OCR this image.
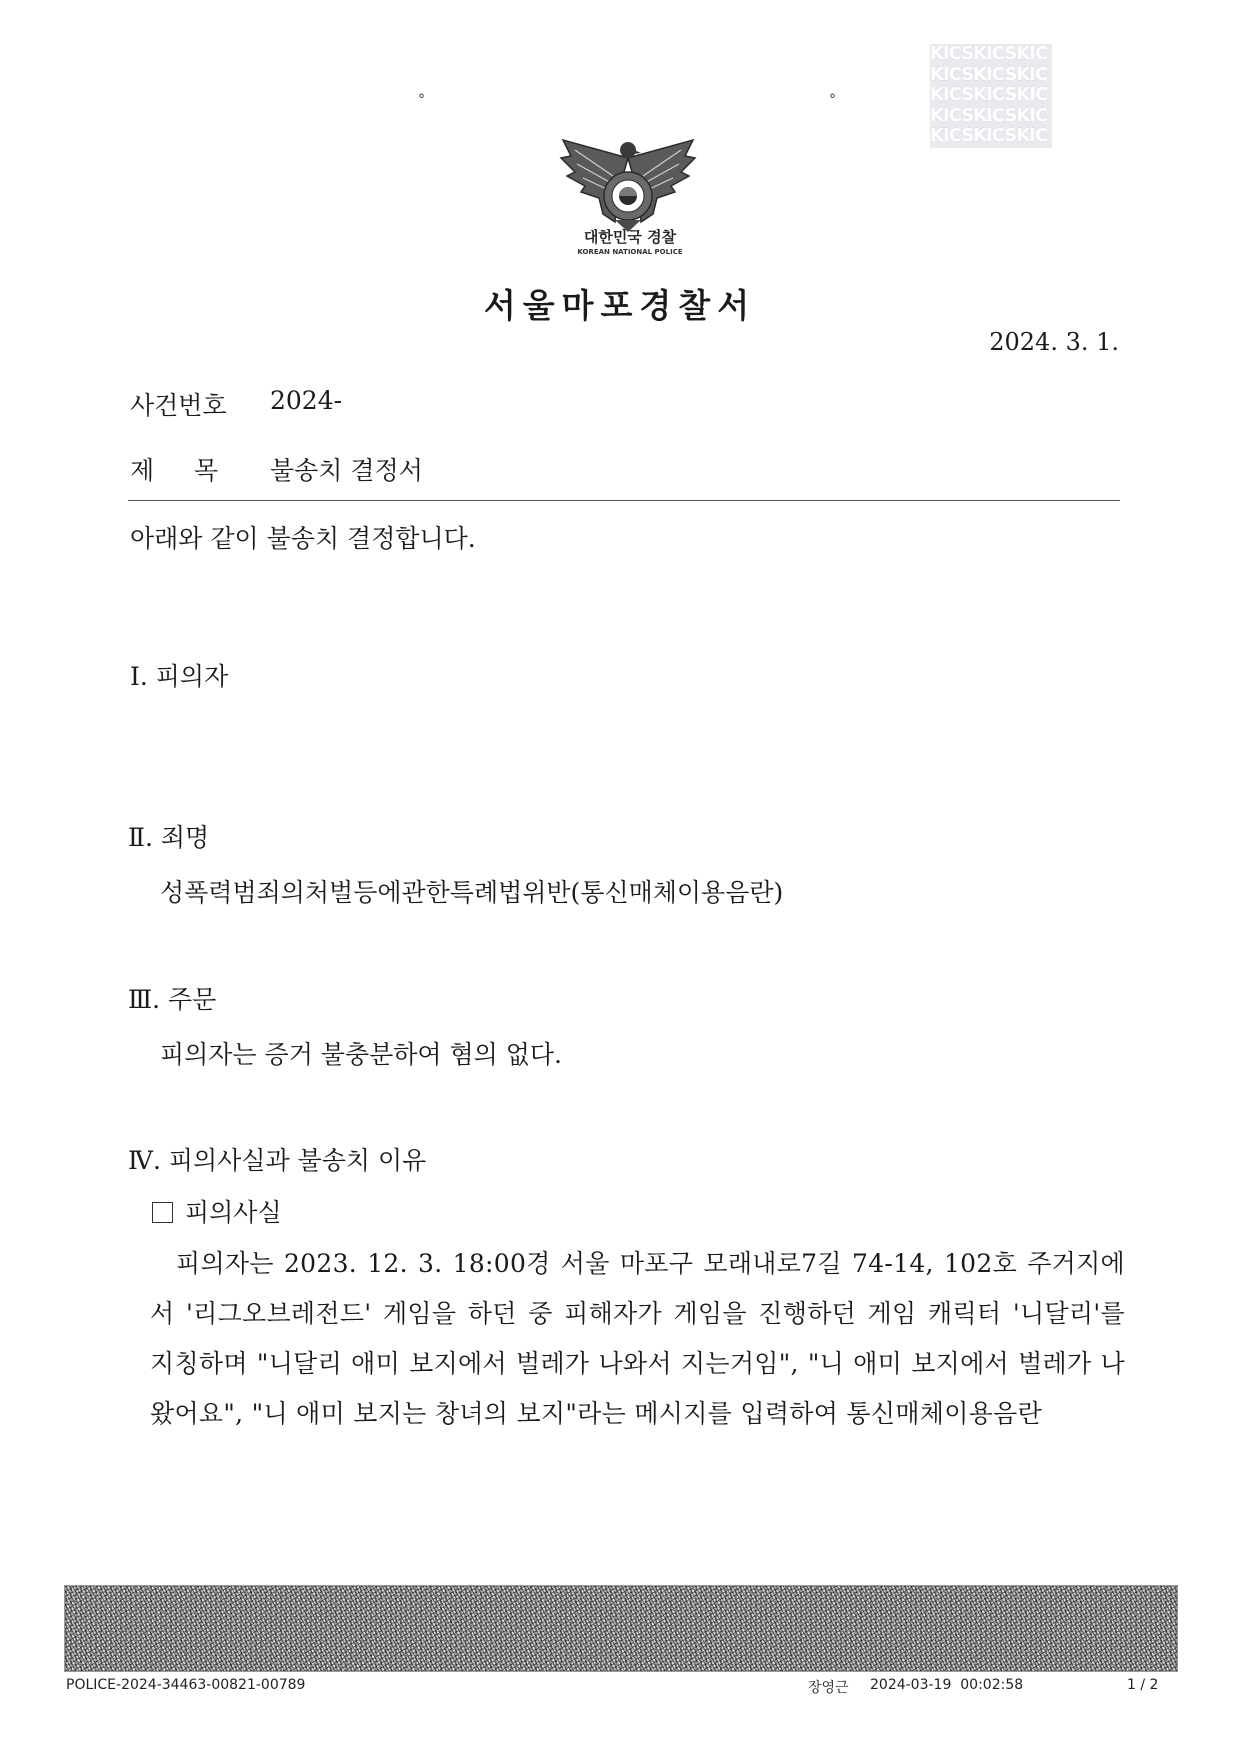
°	°
KICSKICSKIC
KICSKICSKIC
KICSKICSKIC
KICSKICSKIC
KICSKICSKIC
대한민국 경찰
KOREAN NATIONAL POLICE
서울마포경찰서
2024. 3. 1.
사건번호 2024-
제     목 불송치 결정서
아래와 같이 불송치 결정합니다.
Ⅰ. 피의자
Ⅱ. 죄명
성폭력범죄의처벌등에관한특례법위반(통신매체이용음란)
Ⅲ. 주문
피의자는 증거 불충분하여 혐의 없다.
Ⅳ. 피의사실과 불송치 이유
피의사실
피의자는 2023. 12. 3. 18:00경 서울 마포구 모래내로7길 74-14, 102호 주거지에서 '리그오브레전드' 게임을 하던 중 피해자가 게임을 진행하던 게임 캐릭터 '니달리'를 지칭하며 "니달리 애미 보지에서 벌레가 나와서 지는거임", "니 애미 보지에서 벌레가 나왔어요", "니 애미 보지는 창녀의 보지"라는 메시지를 입력하여 통신매체이용음란
POLICE-2024-34463-00821-00789	장영근 2024-03-19  00:02:58	1 / 2
